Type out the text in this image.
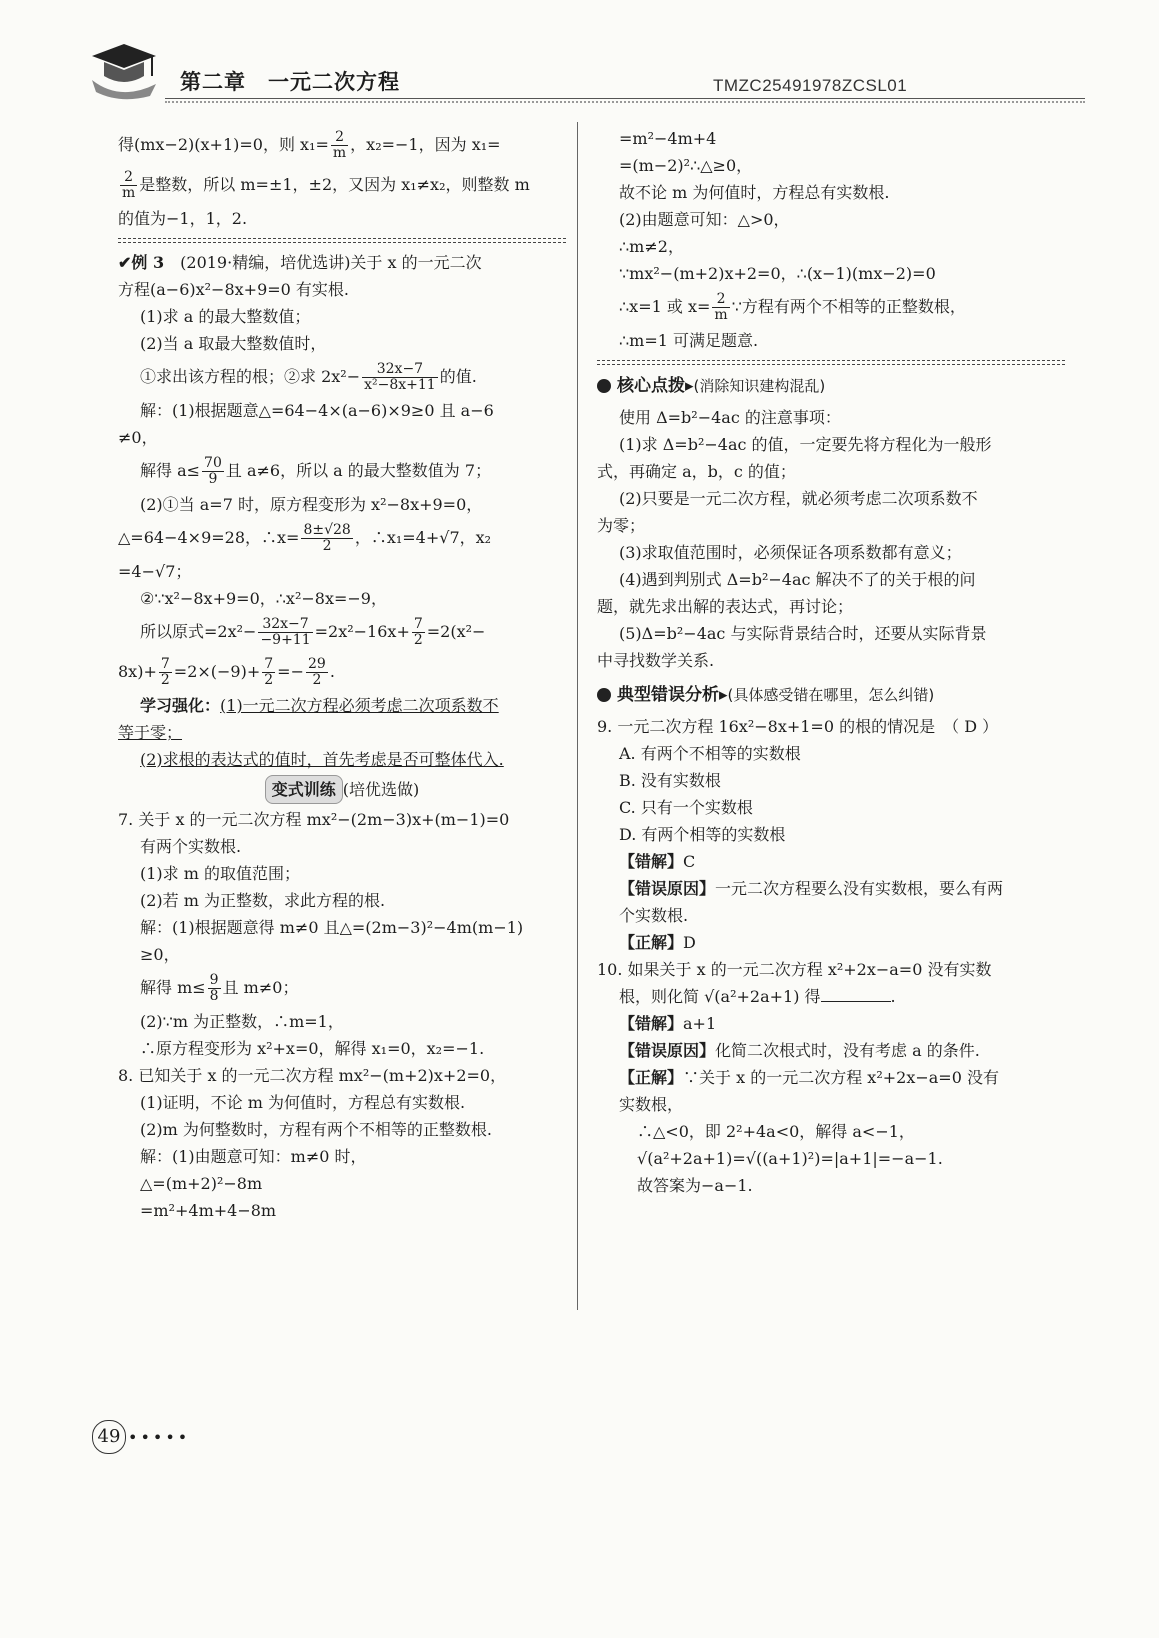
第二章　一元二次方程	TMZC25491978ZCSL01
得(mx−2)(x+1)=0，则 $x_1= \frac{2}{m}$ ，x₂=−1，因为 x₁=
$\frac{2}{m}$ 是整数，所以 m=±1，±2，又因为 x₁≠x₂，则整数 m
的值为−1，1，2.
✔例 3　 (2019·精编，培优选讲)关于 x 的一元二次
方程(a−6)x²−8x+9=0 有实根.
(1)求 a 的最大整数值；
(2)当 a 取最大整数值时，
①求出该方程的根；②求 $2x^2- \frac{32x-7}{\text{x²−8x+11}}$ 的值.
解：(1)根据题意△=64−4×(a−6)×9≥0 且 a−6
≠0，
解得 $a\le \frac{70}{9}$ 且 a≠6，所以 a 的最大整数值为 7；
(2)①当 a=7 时，原方程变形为 x²−8x+9=0，
△=64−4×9=28，∴x= $\frac{8\pm√28}{2}$ ，∴x₁=4+√7，x₂
=4−√7；
②∵x²−8x+9=0，∴x²−8x=−9，
所以原式$=2x^2- \frac{32x-7}{-9+11} =2x^2-16x+ \frac{7}{2} =2(x^2-$
$8x)+ \frac{7}{2} =2\times(-9)+ \frac{7}{2} =- \frac{29}{2}$ .
学习强化：(1)一元二次方程必须考虑二次项系数不
等于零；
(2)求根的表达式的值时，首先考虑是否可整体代入.
变式训练 (培优选做)
7. 关于 x 的一元二次方程 mx²−(2m−3)x+(m−1)=0
有两个实数根.
(1)求 m 的取值范围；
(2)若 m 为正整数，求此方程的根.
解：(1)根据题意得 m≠0 且△=(2m−3)²−4m(m−1)
≥0，
解得 $m\le \frac{9}{8}$ 且 m≠0；
(2)∵m 为正整数，∴m=1，
∴原方程变形为 x²+x=0，解得 x₁=0，x₂=−1.
8. 已知关于 x 的一元二次方程 mx²−(m+2)x+2=0，
(1)证明，不论 m 为何值时，方程总有实数根.
(2)m 为何整数时，方程有两个不相等的正整数根.
解：(1)由题意可知：m≠0 时，
△=(m+2)²−8m
=m²+4m+4−8m
=m²−4m+4
=(m−2)²∴△≥0，
故不论 m 为何值时，方程总有实数根.
(2)由题意可知：△>0，
∴m≠2，
∵mx²−(m+2)x+2=0，∴(x−1)(mx−2)=0
∴x=1 或 $x= \frac{2}{m}$ ∵方程有两个不相等的正整数根，
∴m=1 可满足题意.
核心点拨▸(消除知识建构混乱)
使用 Δ=b²−4ac 的注意事项：
(1)求 Δ=b²−4ac 的值，一定要先将方程化为一般形
式，再确定 a，b，c 的值；
(2)只要是一元二次方程，就必须考虑二次项系数不
为零；
(3)求取值范围时，必须保证各项系数都有意义；
(4)遇到判别式 Δ=b²−4ac 解决不了的关于根的问
题，就先求出解的表达式，再讨论；
(5)Δ=b²−4ac 与实际背景结合时，还要从实际背景
中寻找数学关系.
典型错误分析▸(具体感受错在哪里，怎么纠错)
9. 一元二次方程 16x²−8x+1=0 的根的情况是　（ D ）
A. 有两个不相等的实数根
B. 没有实数根
C. 只有一个实数根
D. 有两个相等的实数根
【错解】C
【错误原因】一元二次方程要么没有实数根，要么有两
个实数根.
【正解】D
10. 如果关于 x 的一元二次方程 x²+2x−a=0 没有实数
根，则化简 √(a²+2a+1) 得	.
【错解】a+1
【错误原因】化简二次根式时，没有考虑 a 的条件.
【正解】∵关于 x 的一元二次方程 x²+2x−a=0 没有
实数根，
∴△<0，即 2²+4a<0，解得 a<−1，
√(a²+2a+1)=√((a+1)²)=|a+1|=−a−1.
故答案为−a−1.
49 •••••
